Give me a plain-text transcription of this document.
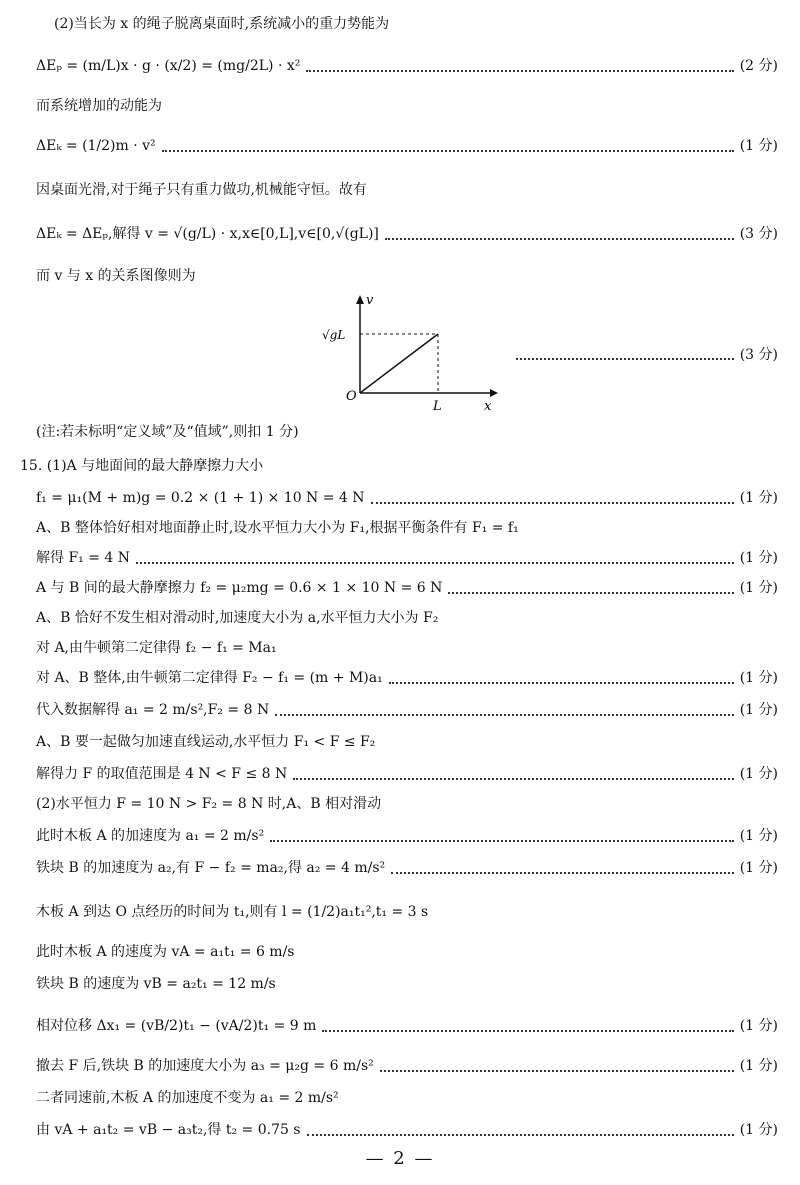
(2)当长为 x 的绳子脱离桌面时,系统减小的重力势能为
ΔEₚ = (m/L)x · g · (x/2) = (mg/2L) · x²	(2 分)
而系统增加的动能为
ΔEₖ = (1/2)m · v²	(1 分)
因桌面光滑,对于绳子只有重力做功,机械能守恒。故有
ΔEₖ = ΔEₚ,解得 v = √(g/L) · x,x∈[0,L],v∈[0,√(gL)]	(3 分)
而 v 与 x 的关系图像则为
v
x
O
L
√gL
(3 分)
(注:若未标明“定义域”及“值域”,则扣 1 分)
15. (1)A 与地面间的最大静摩擦力大小
f₁ = μ₁(M + m)g = 0.2 × (1 + 1) × 10 N = 4 N	(1 分)
A、B 整体恰好相对地面静止时,设水平恒力大小为 F₁,根据平衡条件有 F₁ = f₁
解得 F₁ = 4 N	(1 分)
A 与 B 间的最大静摩擦力 f₂ = μ₂mg = 0.6 × 1 × 10 N = 6 N	(1 分)
A、B 恰好不发生相对滑动时,加速度大小为 a,水平恒力大小为 F₂
对 A,由牛顿第二定律得 f₂ − f₁ = Ma₁
对 A、B 整体,由牛顿第二定律得 F₂ − f₁ = (m + M)a₁	(1 分)
代入数据解得 a₁ = 2 m/s²,F₂ = 8 N	(1 分)
A、B 要一起做匀加速直线运动,水平恒力 F₁ < F ≤ F₂
解得力 F 的取值范围是 4 N < F ≤ 8 N	(1 分)
(2)水平恒力 F = 10 N > F₂ = 8 N 时,A、B 相对滑动
此时木板 A 的加速度为 a₁ = 2 m/s²	(1 分)
铁块 B 的加速度为 a₂,有 F − f₂ = ma₂,得 a₂ = 4 m/s²	(1 分)
木板 A 到达 O 点经历的时间为 t₁,则有 l = (1/2)a₁t₁²,t₁ = 3 s
此时木板 A 的速度为 vA = a₁t₁ = 6 m/s
铁块 B 的速度为 vB = a₂t₁ = 12 m/s
相对位移 Δx₁ = (vB/2)t₁ − (vA/2)t₁ = 9 m	(1 分)
撤去 F 后,铁块 B 的加速度大小为 a₃ = μ₂g = 6 m/s²	(1 分)
二者同速前,木板 A 的加速度不变为 a₁ = 2 m/s²
由 vA + a₁t₂ = vB − a₃t₂,得 t₂ = 0.75 s	(1 分)
— 2 —
